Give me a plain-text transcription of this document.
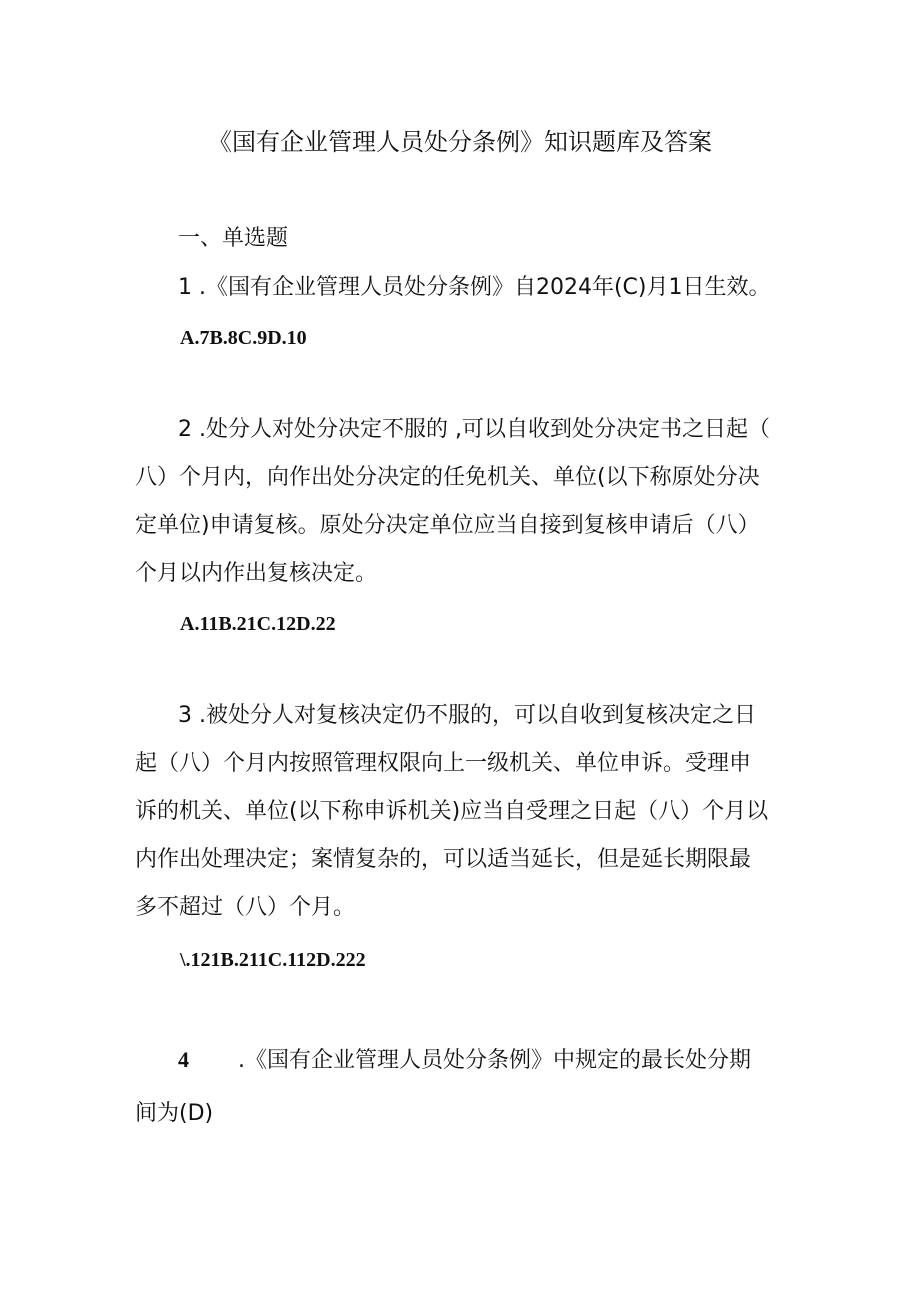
《国有企业管理人员处分条例》知识题库及答案
一、单选题
1 .《国有企业管理人员处分条例》自2024年(C)月1日生效。
A.7B.8C.9D.10
2 .处分人对处分决定不服的 ,可以自收到处分决定书之日起（
八）个月内，向作出处分决定的任免机关、单位(以下称原处分决
定单位)申请复核。原处分决定单位应当自接到复核申请后（八）
个月以内作出复核决定。
A.11B.21C.12D.22
3 .被处分人对复核决定仍不服的，可以自收到复核决定之日
起（八）个月内按照管理权限向上一级机关、单位申诉。受理申
诉的机关、单位(以下称申诉机关)应当自受理之日起（八）个月以
内作出处理决定；案情复杂的，可以适当延长，但是延长期限最
多不超过（八）个月。
\.121B.211C.112D.222
4 .《国有企业管理人员处分条例》中规定的最长处分期
间为(D)
